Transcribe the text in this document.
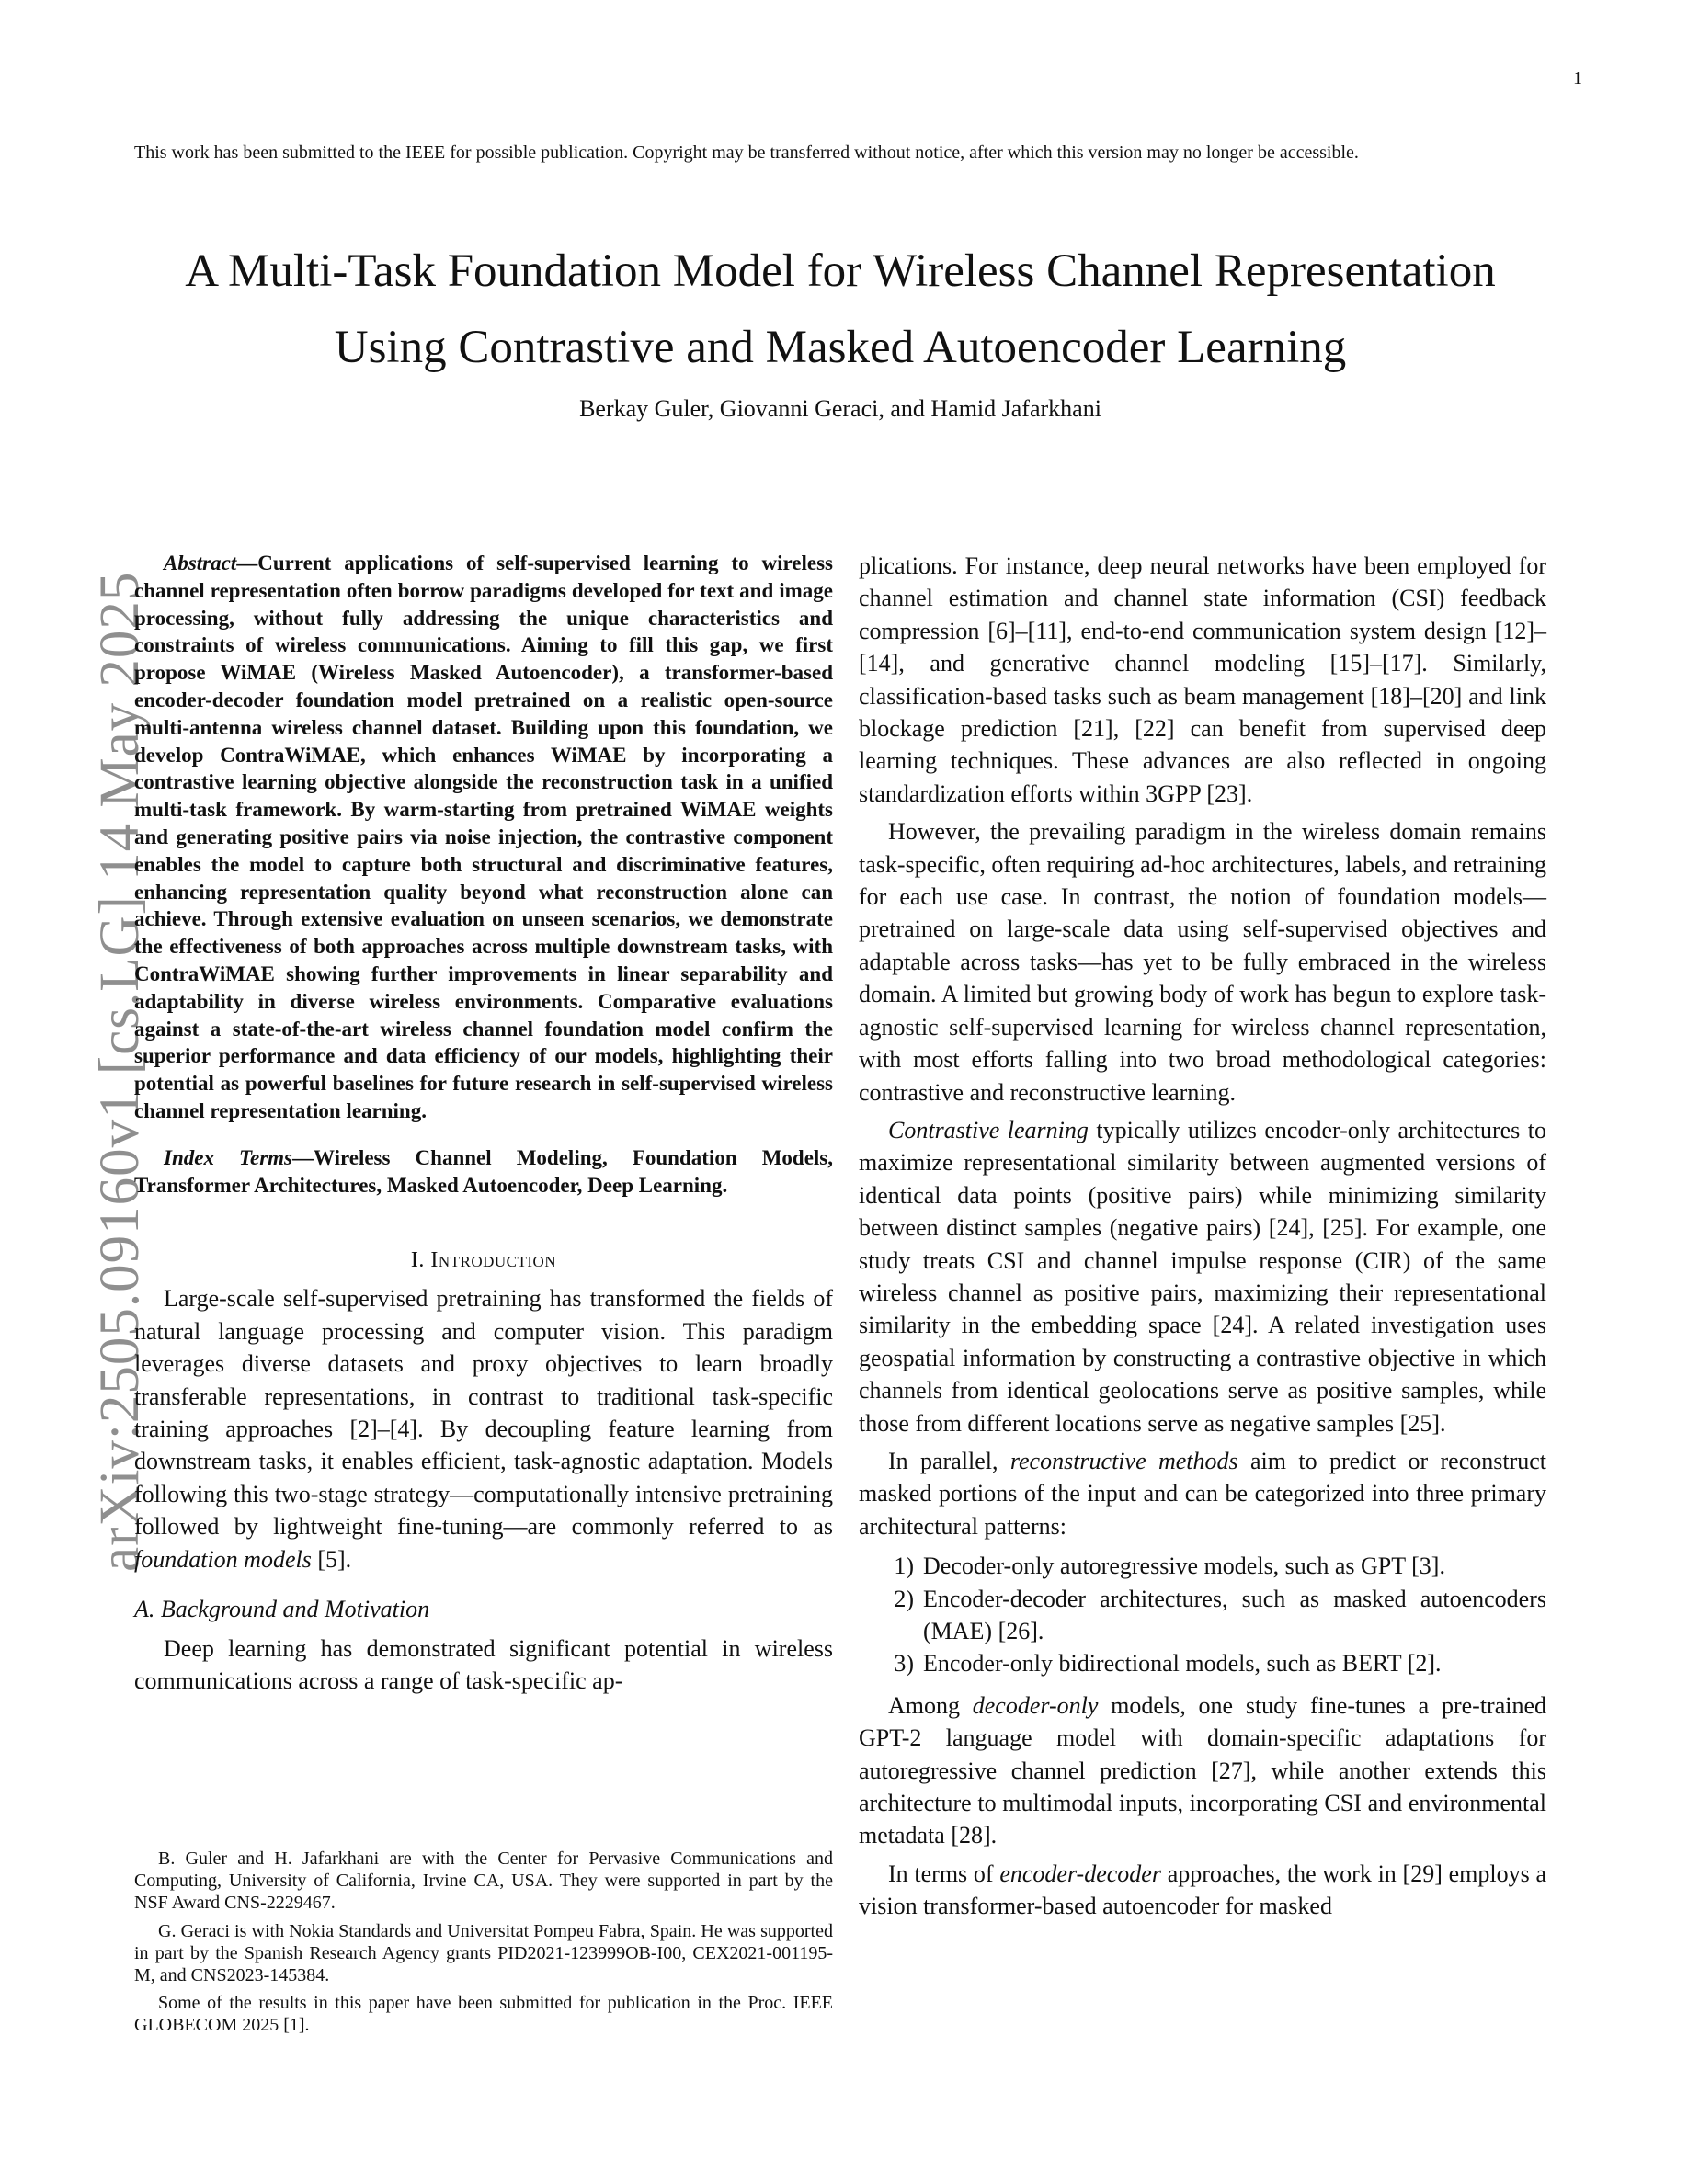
1
This work has been submitted to the IEEE for possible publication. Copyright may be transferred without notice, after which this version may no longer be accessible.
A Multi-Task Foundation Model for Wireless Channel Representation
Using Contrastive and Masked Autoencoder Learning
Berkay Guler, Giovanni Geraci, and Hamid Jafarkhani
arXiv:2505.09160v1 [cs.LG] 14 May 2025

Abstract—Current applications of self-supervised learning to wireless channel representation often borrow paradigms developed for text and image processing, without fully addressing the unique characteristics and constraints of wireless communications. Aiming to fill this gap, we first propose WiMAE (Wireless Masked Autoencoder), a transformer-based encoder-decoder foundation model pretrained on a realistic open-source multi-antenna wireless channel dataset. Building upon this foundation, we develop ContraWiMAE, which enhances WiMAE by incorporating a contrastive learning objective alongside the reconstruction task in a unified multi-task framework. By warm-starting from pretrained WiMAE weights and generating positive pairs via noise injection, the contrastive component enables the model to capture both structural and discriminative features, enhancing representation quality beyond what reconstruction alone can achieve. Through extensive evaluation on unseen scenarios, we demonstrate the effectiveness of both approaches across multiple downstream tasks, with ContraWiMAE showing further improvements in linear separability and adaptability in diverse wireless environments. Comparative evaluations against a state-of-the-art wireless channel foundation model confirm the superior performance and data efficiency of our models, highlighting their potential as powerful baselines for future research in self-supervised wireless channel representation learning.

Index Terms—Wireless Channel Modeling, Foundation Models, Transformer Architectures, Masked Autoencoder, Deep Learning.

I. Introduction

Large-scale self-supervised pretraining has transformed the fields of natural language processing and computer vision. This paradigm leverages diverse datasets and proxy objectives to learn broadly transferable representations, in contrast to traditional task-specific training approaches [2]–[4]. By decoupling feature learning from downstream tasks, it enables efficient, task-agnostic adaptation. Models following this two-stage strategy—computationally intensive pretraining followed by lightweight fine-tuning—are commonly referred to as foundation models [5].

A. Background and Motivation

Deep learning has demonstrated significant potential in wireless communications across a range of task-specific ap-

B. Guler and H. Jafarkhani are with the Center for Pervasive Communications and Computing, University of California, Irvine CA, USA. They were supported in part by the NSF Award CNS-2229467.

G. Geraci is with Nokia Standards and Universitat Pompeu Fabra, Spain. He was supported in part by the Spanish Research Agency grants PID2021-123999OB-I00, CEX2021-001195-M, and CNS2023-145384.

Some of the results in this paper have been submitted for publication in the Proc. IEEE GLOBECOM 2025 [1].

plications. For instance, deep neural networks have been employed for channel estimation and channel state information (CSI) feedback compression [6]–[11], end-to-end communication system design [12]–[14], and generative channel modeling [15]–[17]. Similarly, classification-based tasks such as beam management [18]–[20] and link blockage prediction [21], [22] can benefit from supervised deep learning techniques. These advances are also reflected in ongoing standardization efforts within 3GPP [23].

However, the prevailing paradigm in the wireless domain remains task-specific, often requiring ad-hoc architectures, labels, and retraining for each use case. In contrast, the notion of foundation models—pretrained on large-scale data using self-supervised objectives and adaptable across tasks—has yet to be fully embraced in the wireless domain. A limited but growing body of work has begun to explore task-agnostic self-supervised learning for wireless channel representation, with most efforts falling into two broad methodological categories: contrastive and reconstructive learning.

Contrastive learning typically utilizes encoder-only architectures to maximize representational similarity between augmented versions of identical data points (positive pairs) while minimizing similarity between distinct samples (negative pairs) [24], [25]. For example, one study treats CSI and channel impulse response (CIR) of the same wireless channel as positive pairs, maximizing their representational similarity in the embedding space [24]. A related investigation uses geospatial information by constructing a contrastive objective in which channels from identical geolocations serve as positive samples, while those from different locations serve as negative samples [25].

In parallel, reconstructive methods aim to predict or reconstruct masked portions of the input and can be categorized into three primary architectural patterns:

1) Decoder-only autoregressive models, such as GPT [3].
2) Encoder-decoder architectures, such as masked autoencoders (MAE) [26].
3) Encoder-only bidirectional models, such as BERT [2].

Among decoder-only models, one study fine-tunes a pre-trained GPT-2 language model with domain-specific adaptations for autoregressive channel prediction [27], while another extends this architecture to multimodal inputs, incorporating CSI and environmental metadata [28].

In terms of encoder-decoder approaches, the work in [29] employs a vision transformer-based autoencoder for masked
